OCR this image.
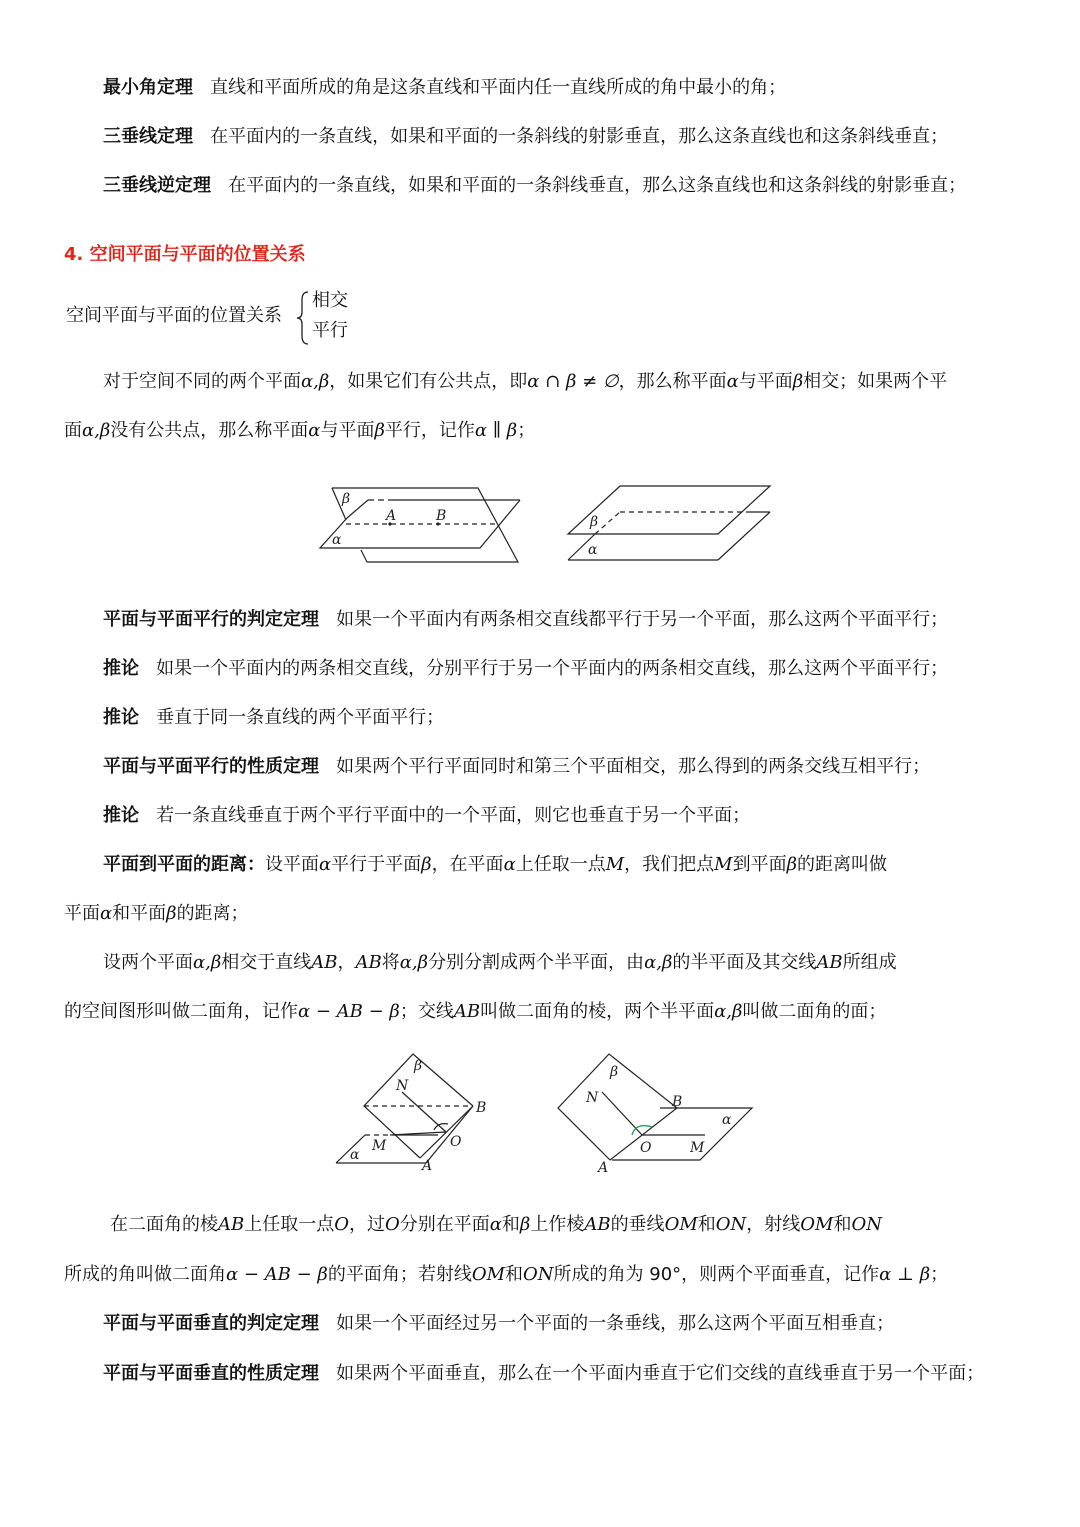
最小角定理 直线和平面所成的角是这条直线和平面内任一直线所成的角中最小的角；
三垂线定理 在平面内的一条直线，如果和平面的一条斜线的射影垂直，那么这条直线也和这条斜线垂直；
三垂线逆定理 在平面内的一条直线，如果和平面的一条斜线垂直，那么这条直线也和这条斜线的射影垂直；
4. 空间平面与平面的位置关系
空间平面与平面的位置关系
相交
平行
对于空间不同的两个平面α,β，如果它们有公共点，即α ∩ β ≠ ∅，那么称平面α与平面β相交；如果两个平
面α,β没有公共点，那么称平面α与平面β平行，记作α ∥ β；
β
α
A	B	β
α
平面与平面平行的判定定理 如果一个平面内有两条相交直线都平行于另一个平面，那么这两个平面平行；
推论 如果一个平面内的两条相交直线，分别平行于另一个平面内的两条相交直线，那么这两个平面平行；
推论 垂直于同一条直线的两个平面平行；
平面与平面平行的性质定理 如果两个平行平面同时和第三个平面相交，那么得到的两条交线互相平行；
推论 若一条直线垂直于两个平行平面中的一个平面，则它也垂直于另一个平面；
平面到平面的距离：设平面α平行于平面β，在平面α上任取一点M，我们把点M到平面β的距离叫做
平面α和平面β的距离；
设两个平面α,β相交于直线AB，AB将α,β分别分割成两个半平面，由α,β的半平面及其交线AB所组成
的空间图形叫做二面角，记作α − AB − β；交线AB叫做二面角的棱，两个半平面α,β叫做二面角的面；
β
N
B
M	O
α
A
β
N	B
α
O	M
A
在二面角的棱AB上任取一点O，过O分别在平面α和β上作棱AB的垂线OM和ON，射线OM和ON
所成的角叫做二面角α − AB − β的平面角；若射线OM和ON所成的角为 90°，则两个平面垂直，记作α ⊥ β；
平面与平面垂直的判定定理 如果一个平面经过另一个平面的一条垂线，那么这两个平面互相垂直；
平面与平面垂直的性质定理 如果两个平面垂直，那么在一个平面内垂直于它们交线的直线垂直于另一个平面；
